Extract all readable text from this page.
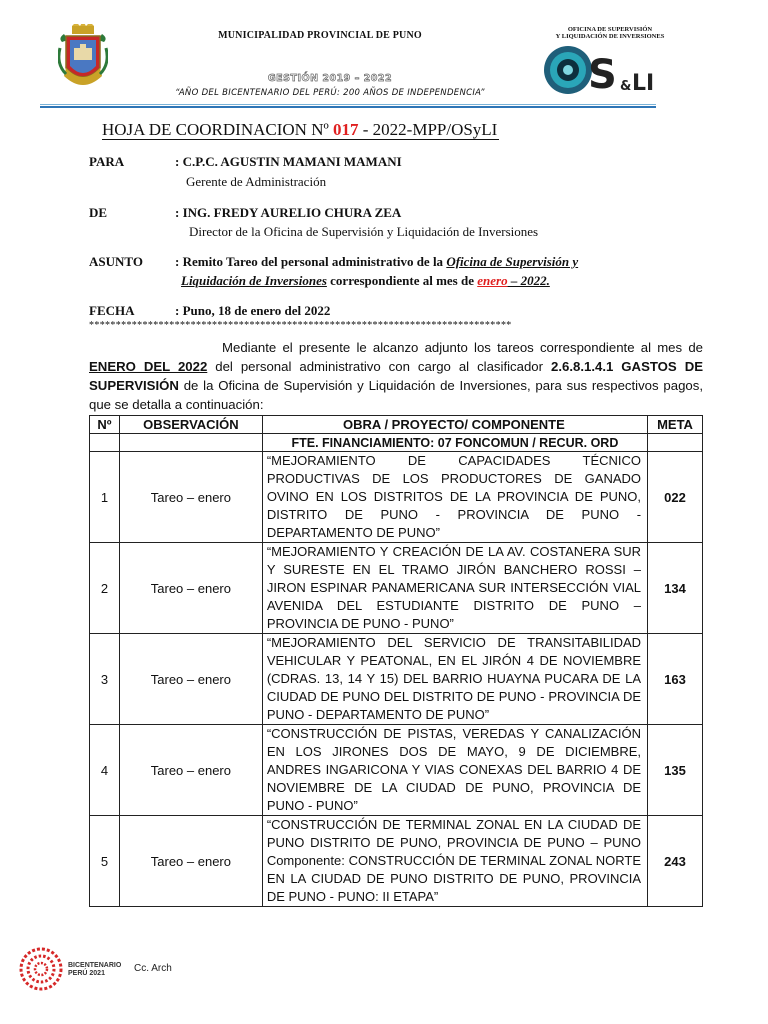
MUNICIPALIDAD PROVINCIAL DE PUNO
GESTIÓN 2019 – 2022
“AÑO DEL BICENTENARIO DEL PERÚ: 200 AÑOS DE INDEPENDENCIA”
OFICINA DE SUPERVISIÓN
Y LIQUIDACIÓN DE INVERSIONES
S & LI
HOJA DE COORDINACION Nº 017 - 2022-MPP/OSyLI
PARA	: C.P.C. AGUSTIN MAMANI MAMANI
Gerente de Administración
DE	: ING. FREDY AURELIO CHURA ZEA
Director de la Oficina de Supervisión y Liquidación de Inversiones
ASUNTO : Remito Tareo del personal administrativo de la Oficina de Supervisión y
Liquidación de Inversiones correspondiente al mes de enero – 2022.
FECHA	: Puno, 18 de enero del 2022
*******************************************************************************
Mediante el presente le alcanzo adjunto los tareos correspondiente al mes de ENERO DEL 2022 del personal administrativo con cargo al clasificador 2.6.8.1.4.1 GASTOS DE SUPERVISIÓN de la Oficina de Supervisión y Liquidación de Inversiones, para sus respectivos pagos, que se detalla a continuación:
Nº	OBSERVACIÓN	OBRA / PROYECTO/ COMPONENTE	META
		FTE. FINANCIAMIENTO: 07 FONCOMUN / RECUR. ORD	
1	Tareo – enero	“MEJORAMIENTO DE CAPACIDADES TÉCNICO PRODUCTIVAS DE LOS PRODUCTORES DE GANADO OVINO EN LOS DISTRITOS DE LA PROVINCIA DE PUNO, DISTRITO DE PUNO - PROVINCIA DE PUNO - DEPARTAMENTO DE PUNO”	022
2	Tareo – enero	“MEJORAMIENTO Y CREACIÓN DE LA AV. COSTANERA SUR Y SURESTE EN EL TRAMO JIRÓN BANCHERO ROSSI – JIRON ESPINAR PANAMERICANA SUR INTERSECCIÓN VIAL AVENIDA DEL ESTUDIANTE DISTRITO DE PUNO – PROVINCIA DE PUNO - PUNO”	134
3	Tareo – enero	“MEJORAMIENTO DEL SERVICIO DE TRANSITABILIDAD VEHICULAR Y PEATONAL, EN EL JIRÓN 4 DE NOVIEMBRE (CDRAS. 13, 14 Y 15) DEL BARRIO HUAYNA PUCARA DE LA CIUDAD DE PUNO DEL DISTRITO DE PUNO - PROVINCIA DE PUNO - DEPARTAMENTO DE PUNO”	163
4	Tareo – enero	“CONSTRUCCIÓN DE PISTAS, VEREDAS Y CANALIZACIÓN EN LOS JIRONES DOS DE MAYO, 9 DE DICIEMBRE, ANDRES INGARICONA Y VIAS CONEXAS DEL BARRIO 4 DE NOVIEMBRE DE LA CIUDAD DE PUNO, PROVINCIA DE PUNO - PUNO”	135
5	Tareo – enero	“CONSTRUCCIÓN DE TERMINAL ZONAL EN LA CIUDAD DE PUNO DISTRITO DE PUNO, PROVINCIA DE PUNO – PUNO Componente: CONSTRUCCIÓN DE TERMINAL ZONAL NORTE EN LA CIUDAD DE PUNO DISTRITO DE PUNO, PROVINCIA DE PUNO - PUNO: II ETAPA”	243
BICENTENARIO
PERÚ 2021	Cc. Arch
